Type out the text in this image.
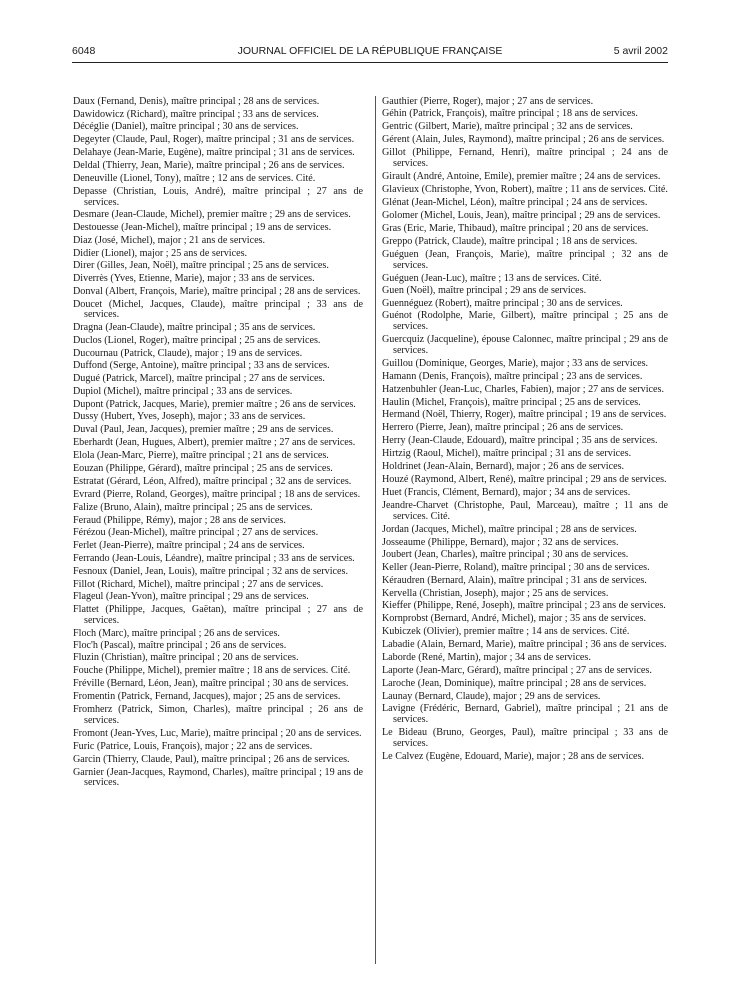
6048	JOURNAL OFFICIEL DE LA RÉPUBLIQUE FRANÇAISE	5 avril 2002

Daux (Fernand, Denis), maître principal ; 28 ans de services.

Dawidowicz (Richard), maître principal ; 33 ans de services.

Décéglie (Daniel), maître principal ; 30 ans de services.

Degeyter (Claude, Paul, Roger), maître principal ; 31 ans de services.

Delahaye (Jean-Marie, Eugène), maître principal ; 31 ans de services.

Deldal (Thierry, Jean, Marie), maître principal ; 26 ans de services.

Deneuville (Lionel, Tony), maître ; 12 ans de services. Cité.

Depasse (Christian, Louis, André), maître principal ; 27 ans de services.

Desmare (Jean-Claude, Michel), premier maître ; 29 ans de services.

Destouesse (Jean-Michel), maître principal ; 19 ans de services.

Diaz (José, Michel), major ; 21 ans de services.

Didier (Lionel), major ; 25 ans de services.

Direr (Gilles, Jean, Noël), maître principal ; 25 ans de services.

Diverrès (Yves, Etienne, Marie), major ; 33 ans de services.

Donval (Albert, François, Marie), maître principal ; 28 ans de services.

Doucet (Michel, Jacques, Claude), maître principal ; 33 ans de services.

Dragna (Jean-Claude), maître principal ; 35 ans de services.

Duclos (Lionel, Roger), maître principal ; 25 ans de services.

Ducournau (Patrick, Claude), major ; 19 ans de services.

Duffond (Serge, Antoine), maître principal ; 33 ans de services.

Dugué (Patrick, Marcel), maître principal ; 27 ans de services.

Dupiol (Michel), maître principal ; 33 ans de services.

Dupont (Patrick, Jacques, Marie), premier maître ; 26 ans de services.

Dussy (Hubert, Yves, Joseph), major ; 33 ans de services.

Duval (Paul, Jean, Jacques), premier maître ; 29 ans de services.

Eberhardt (Jean, Hugues, Albert), premier maître ; 27 ans de services.

Elola (Jean-Marc, Pierre), maître principal ; 21 ans de services.

Eouzan (Philippe, Gérard), maître principal ; 25 ans de services.

Estratat (Gérard, Léon, Alfred), maître principal ; 32 ans de services.

Evrard (Pierre, Roland, Georges), maître principal ; 18 ans de services.

Falize (Bruno, Alain), maître principal ; 25 ans de services.

Feraud (Philippe, Rémy), major ; 28 ans de services.

Férézou (Jean-Michel), maître principal ; 27 ans de services.

Ferlet (Jean-Pierre), maître principal ; 24 ans de services.

Ferrando (Jean-Louis, Léandre), maître principal ; 33 ans de services.

Fesnoux (Daniel, Jean, Louis), maître principal ; 32 ans de services.

Fillot (Richard, Michel), maître principal ; 27 ans de services.

Flageul (Jean-Yvon), maître principal ; 29 ans de services.

Flattet (Philippe, Jacques, Gaëtan), maître principal ; 27 ans de services.

Floch (Marc), maître principal ; 26 ans de services.

Floc'h (Pascal), maître principal ; 26 ans de services.

Fluzin (Christian), maître principal ; 20 ans de services.

Fouche (Philippe, Michel), premier maître ; 18 ans de services. Cité.

Fréville (Bernard, Léon, Jean), maître principal ; 30 ans de services.

Fromentin (Patrick, Fernand, Jacques), major ; 25 ans de services.

Fromherz (Patrick, Simon, Charles), maître principal ; 26 ans de services.

Fromont (Jean-Yves, Luc, Marie), maître principal ; 20 ans de services.

Furic (Patrice, Louis, François), major ; 22 ans de services.

Garcin (Thierry, Claude, Paul), maître principal ; 26 ans de services.

Garnier (Jean-Jacques, Raymond, Charles), maître principal ; 19 ans de services.

Gauthier (Pierre, Roger), major ; 27 ans de services.

Géhin (Patrick, François), maître principal ; 18 ans de services.

Gentric (Gilbert, Marie), maître principal ; 32 ans de services.

Gérent (Alain, Jules, Raymond), maître principal ; 26 ans de services.

Gillot (Philippe, Fernand, Henri), maître principal ; 24 ans de services.

Girault (André, Antoine, Emile), premier maître ; 24 ans de services.

Glavieux (Christophe, Yvon, Robert), maître ; 11 ans de services. Cité.

Glénat (Jean-Michel, Léon), maître principal ; 24 ans de services.

Golomer (Michel, Louis, Jean), maître principal ; 29 ans de services.

Gras (Eric, Marie, Thibaud), maître principal ; 20 ans de services.

Greppo (Patrick, Claude), maître principal ; 18 ans de services.

Guéguen (Jean, François, Marie), maître principal ; 32 ans de services.

Guéguen (Jean-Luc), maître ; 13 ans de services. Cité.

Guen (Noël), maître principal ; 29 ans de services.

Guennéguez (Robert), maître principal ; 30 ans de services.

Guénot (Rodolphe, Marie, Gilbert), maître principal ; 25 ans de services.

Guercquiz (Jacqueline), épouse Calonnec, maître principal ; 29 ans de services.

Guillou (Dominique, Georges, Marie), major ; 33 ans de services.

Hamann (Denis, François), maître principal ; 23 ans de services.

Hatzenbuhler (Jean-Luc, Charles, Fabien), major ; 27 ans de services.

Haulin (Michel, François), maître principal ; 25 ans de services.

Hermand (Noël, Thierry, Roger), maître principal ; 19 ans de services.

Herrero (Pierre, Jean), maître principal ; 26 ans de services.

Herry (Jean-Claude, Edouard), maître principal ; 35 ans de services.

Hirtzig (Raoul, Michel), maître principal ; 31 ans de services.

Holdrinet (Jean-Alain, Bernard), major ; 26 ans de services.

Houzé (Raymond, Albert, René), maître principal ; 29 ans de services.

Huet (Francis, Clément, Bernard), major ; 34 ans de services.

Jeandre-Charvet (Christophe, Paul, Marceau), maître ; 11 ans de services. Cité.

Jordan (Jacques, Michel), maître principal ; 28 ans de services.

Josseaume (Philippe, Bernard), major ; 32 ans de services.

Joubert (Jean, Charles), maître principal ; 30 ans de services.

Keller (Jean-Pierre, Roland), maître principal ; 30 ans de services.

Kéraudren (Bernard, Alain), maître principal ; 31 ans de services.

Kervella (Christian, Joseph), major ; 25 ans de services.

Kieffer (Philippe, René, Joseph), maître principal ; 23 ans de services.

Kornprobst (Bernard, André, Michel), major ; 35 ans de services.

Kubiczek (Olivier), premier maître ; 14 ans de services. Cité.

Labadie (Alain, Bernard, Marie), maître principal ; 36 ans de services.

Laborde (René, Martin), major ; 34 ans de services.

Laporte (Jean-Marc, Gérard), maître principal ; 27 ans de services.

Laroche (Jean, Dominique), maître principal ; 28 ans de services.

Launay (Bernard, Claude), major ; 29 ans de services.

Lavigne (Frédéric, Bernard, Gabriel), maître principal ; 21 ans de services.

Le Bideau (Bruno, Georges, Paul), maître principal ; 33 ans de services.

Le Calvez (Eugène, Edouard, Marie), major ; 28 ans de services.
